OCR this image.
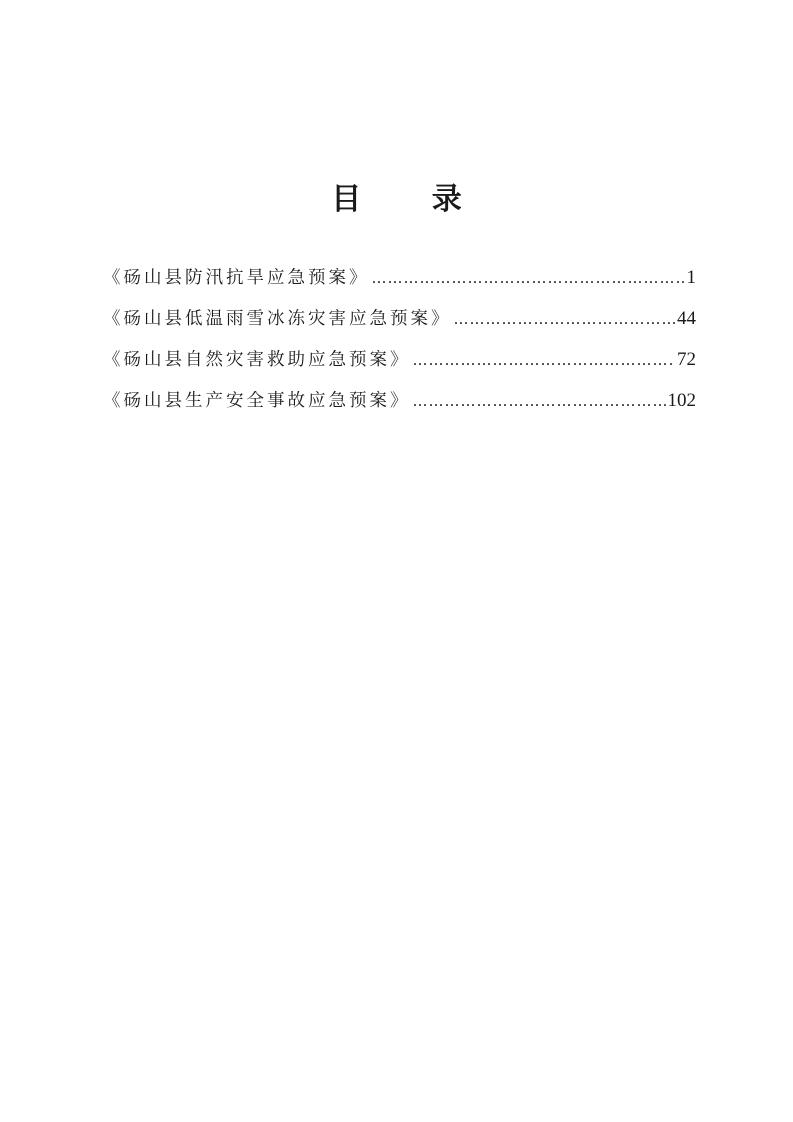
目 录
《砀山县防汛抗旱应急预案》 …………………………………………………………………………………………………………………	1
《砀山县低温雨雪冰冻灾害应急预案》 …………………………………………………………………………………………………………………	44
《砀山县自然灾害救助应急预案》 …………………………………………………………………………………………………………………	72
《砀山县生产安全事故应急预案》 …………………………………………………………………………………………………………………	102
